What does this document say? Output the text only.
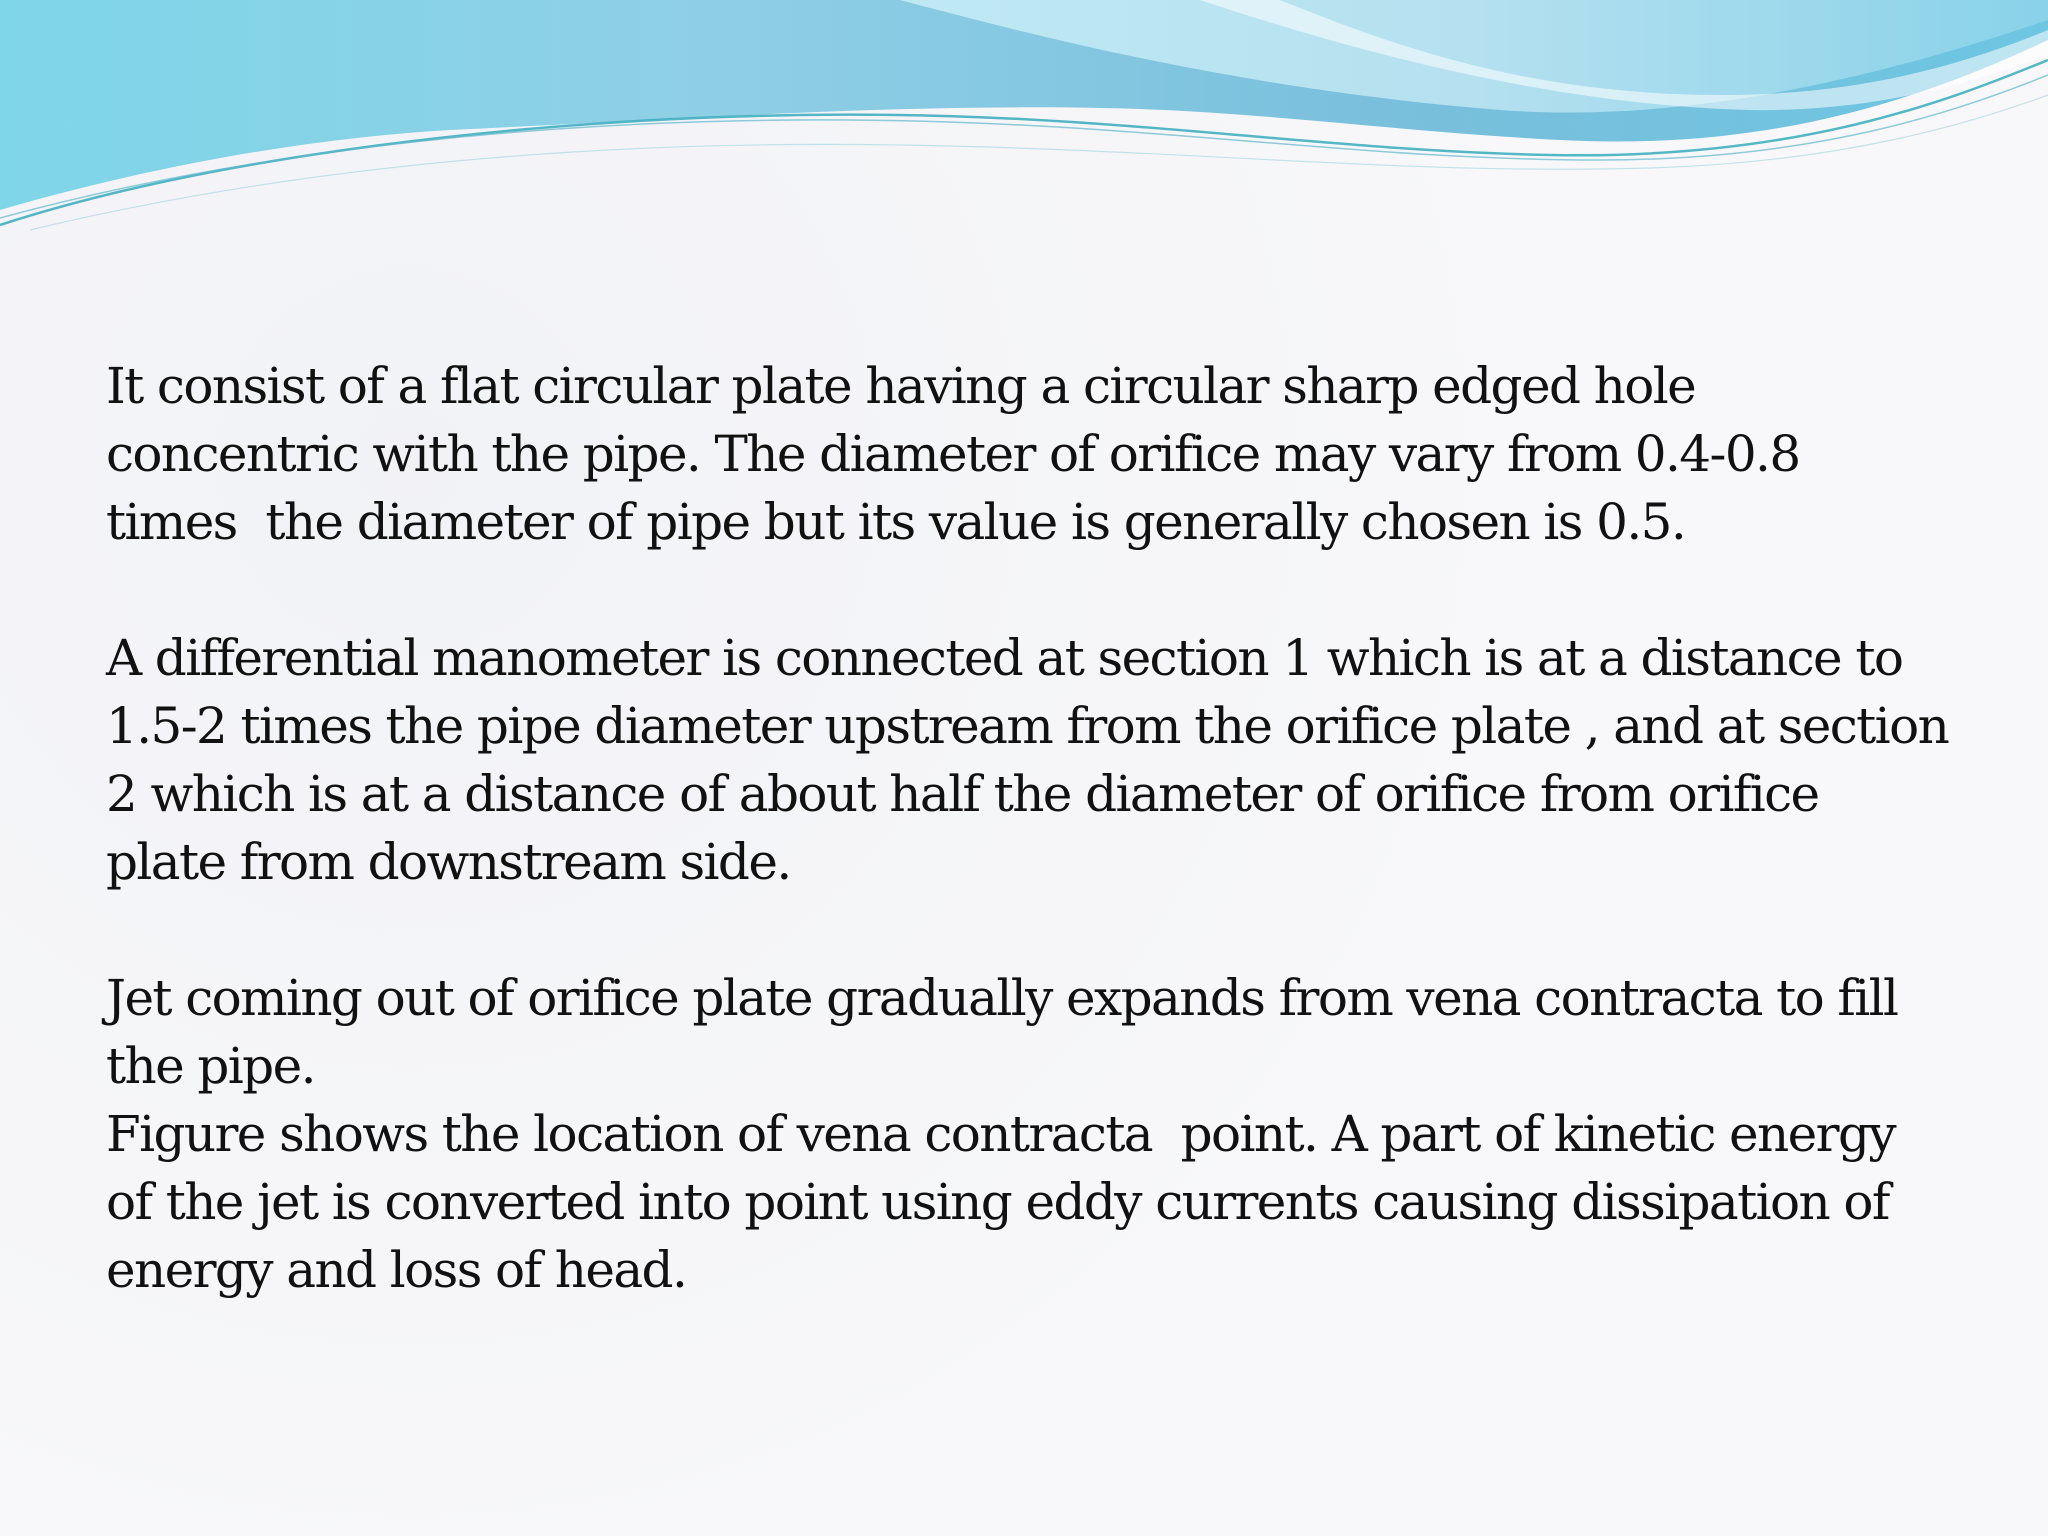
It consist of a flat circular plate having a circular sharp edged hole
concentric with the pipe. The diameter of orifice may vary from 0.4-0.8
times  the diameter of pipe but its value is generally chosen is 0.5.
A differential manometer is connected at section 1 which is at a distance to
1.5-2 times the pipe diameter upstream from the orifice plate , and at section
2 which is at a distance of about half the diameter of orifice from orifice
plate from downstream side.
Jet coming out of orifice plate gradually expands from vena contracta to fill
the pipe.
Figure shows the location of vena contracta  point. A part of kinetic energy
of the jet is converted into point using eddy currents causing dissipation of
energy and loss of head.
